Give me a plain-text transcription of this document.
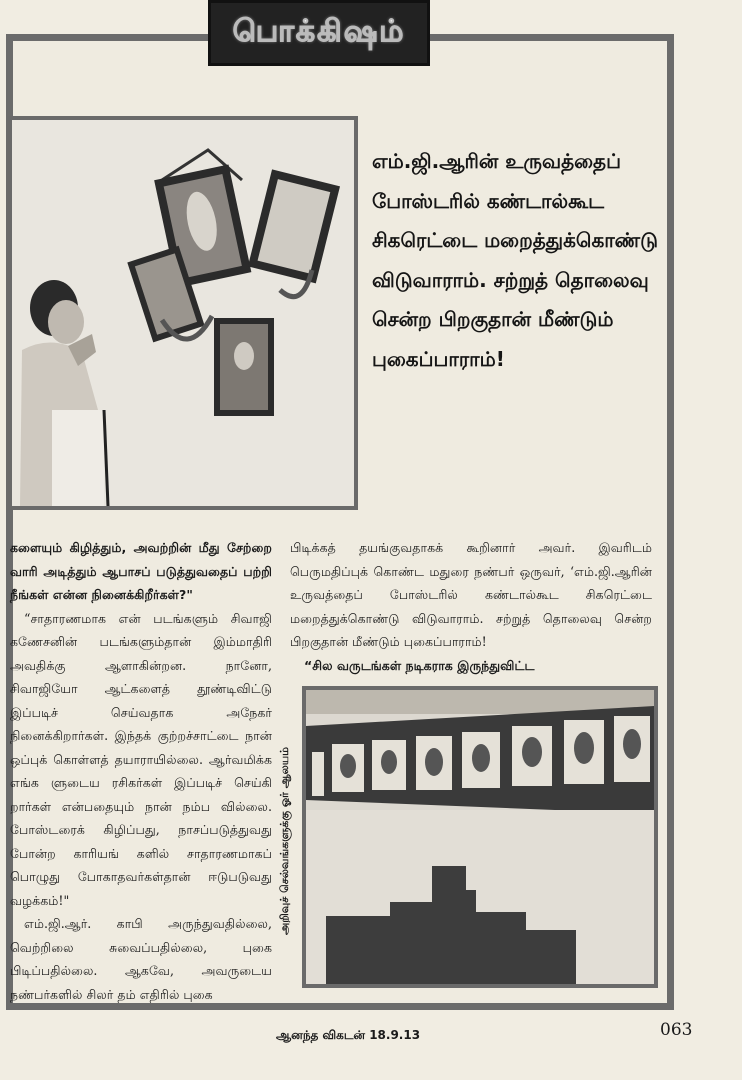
பொக்கிஷம்
எம்.ஜி.ஆரின் உருவத்தைப் போஸ்டரில் கண்டால்கூட சிகரெட்டை மறைத்துக்கொண்டு விடுவாராம். சற்றுத் தொலைவு சென்ற பிறகுதான் மீண்டும் புகைப்பாராம்!

களையும் கிழித்தும், அவற்றின் மீது சேற்றை வாரி அடித்தும் ஆபாசப் படுத்துவதைப் பற்றி நீங்கள் என்ன நினைக்கிறீர்கள்?"

“சாதாரணமாக என் படங்களும் சிவாஜி கணேசனின் படங்களும்தான் இம்மாதிரி அவதிக்கு ஆளாகின்றன. நானோ, சிவாஜியோ ஆட்களைத் தூண்டிவிட்டு இப்படிச் செய்வதாக அநேகர் நினைக்கிறார்கள். இந்தக் குற்றச்சாட்டை நான் ஒப்புக் கொள்ளத் தயாராயில்லை. ஆர்வமிக்க எங்க ளுடைய ரசிகர்கள் இப்படிச் செய்கி றார்கள் என்பதையும் நான் நம்ப வில்லை. போஸ்டரைக் கிழிப்பது, நாசப்படுத்துவது போன்ற காரியங் களில் சாதாரணமாகப் பொழுது போகாதவர்கள்தான் ஈடுபடுவது வழக்கம்!"

எம்.ஜி.ஆர். காபி அருந்துவதில்லை, வெற்றிலை சுவைப்பதில்லை, புகை பிடிப்பதில்லை. ஆகவே, அவருடைய நண்பர்களில் சிலர் தம் எதிரில் புகை

பிடிக்கத் தயங்குவதாகக் கூறினார் அவர். இவரிடம் பெருமதிப்புக் கொண்ட மதுரை நண்பர் ஒருவர், ‘எம்.ஜி.ஆரின் உருவத்தைப் போஸ்டரில் கண்டால்கூட சிகரெட்டை மறைத்துக்கொண்டு விடுவாராம். சற்றுத் தொலைவு சென்ற பிறகுதான் மீண்டும் புகைப்பாராம்!

“சில வருடங்கள் நடிகராக இருந்துவிட்ட

அறிவுச் செல்வங்களுக்கு ஓர் ஆலயம்
ஆனந்த விகடன் 18.9.13	063
